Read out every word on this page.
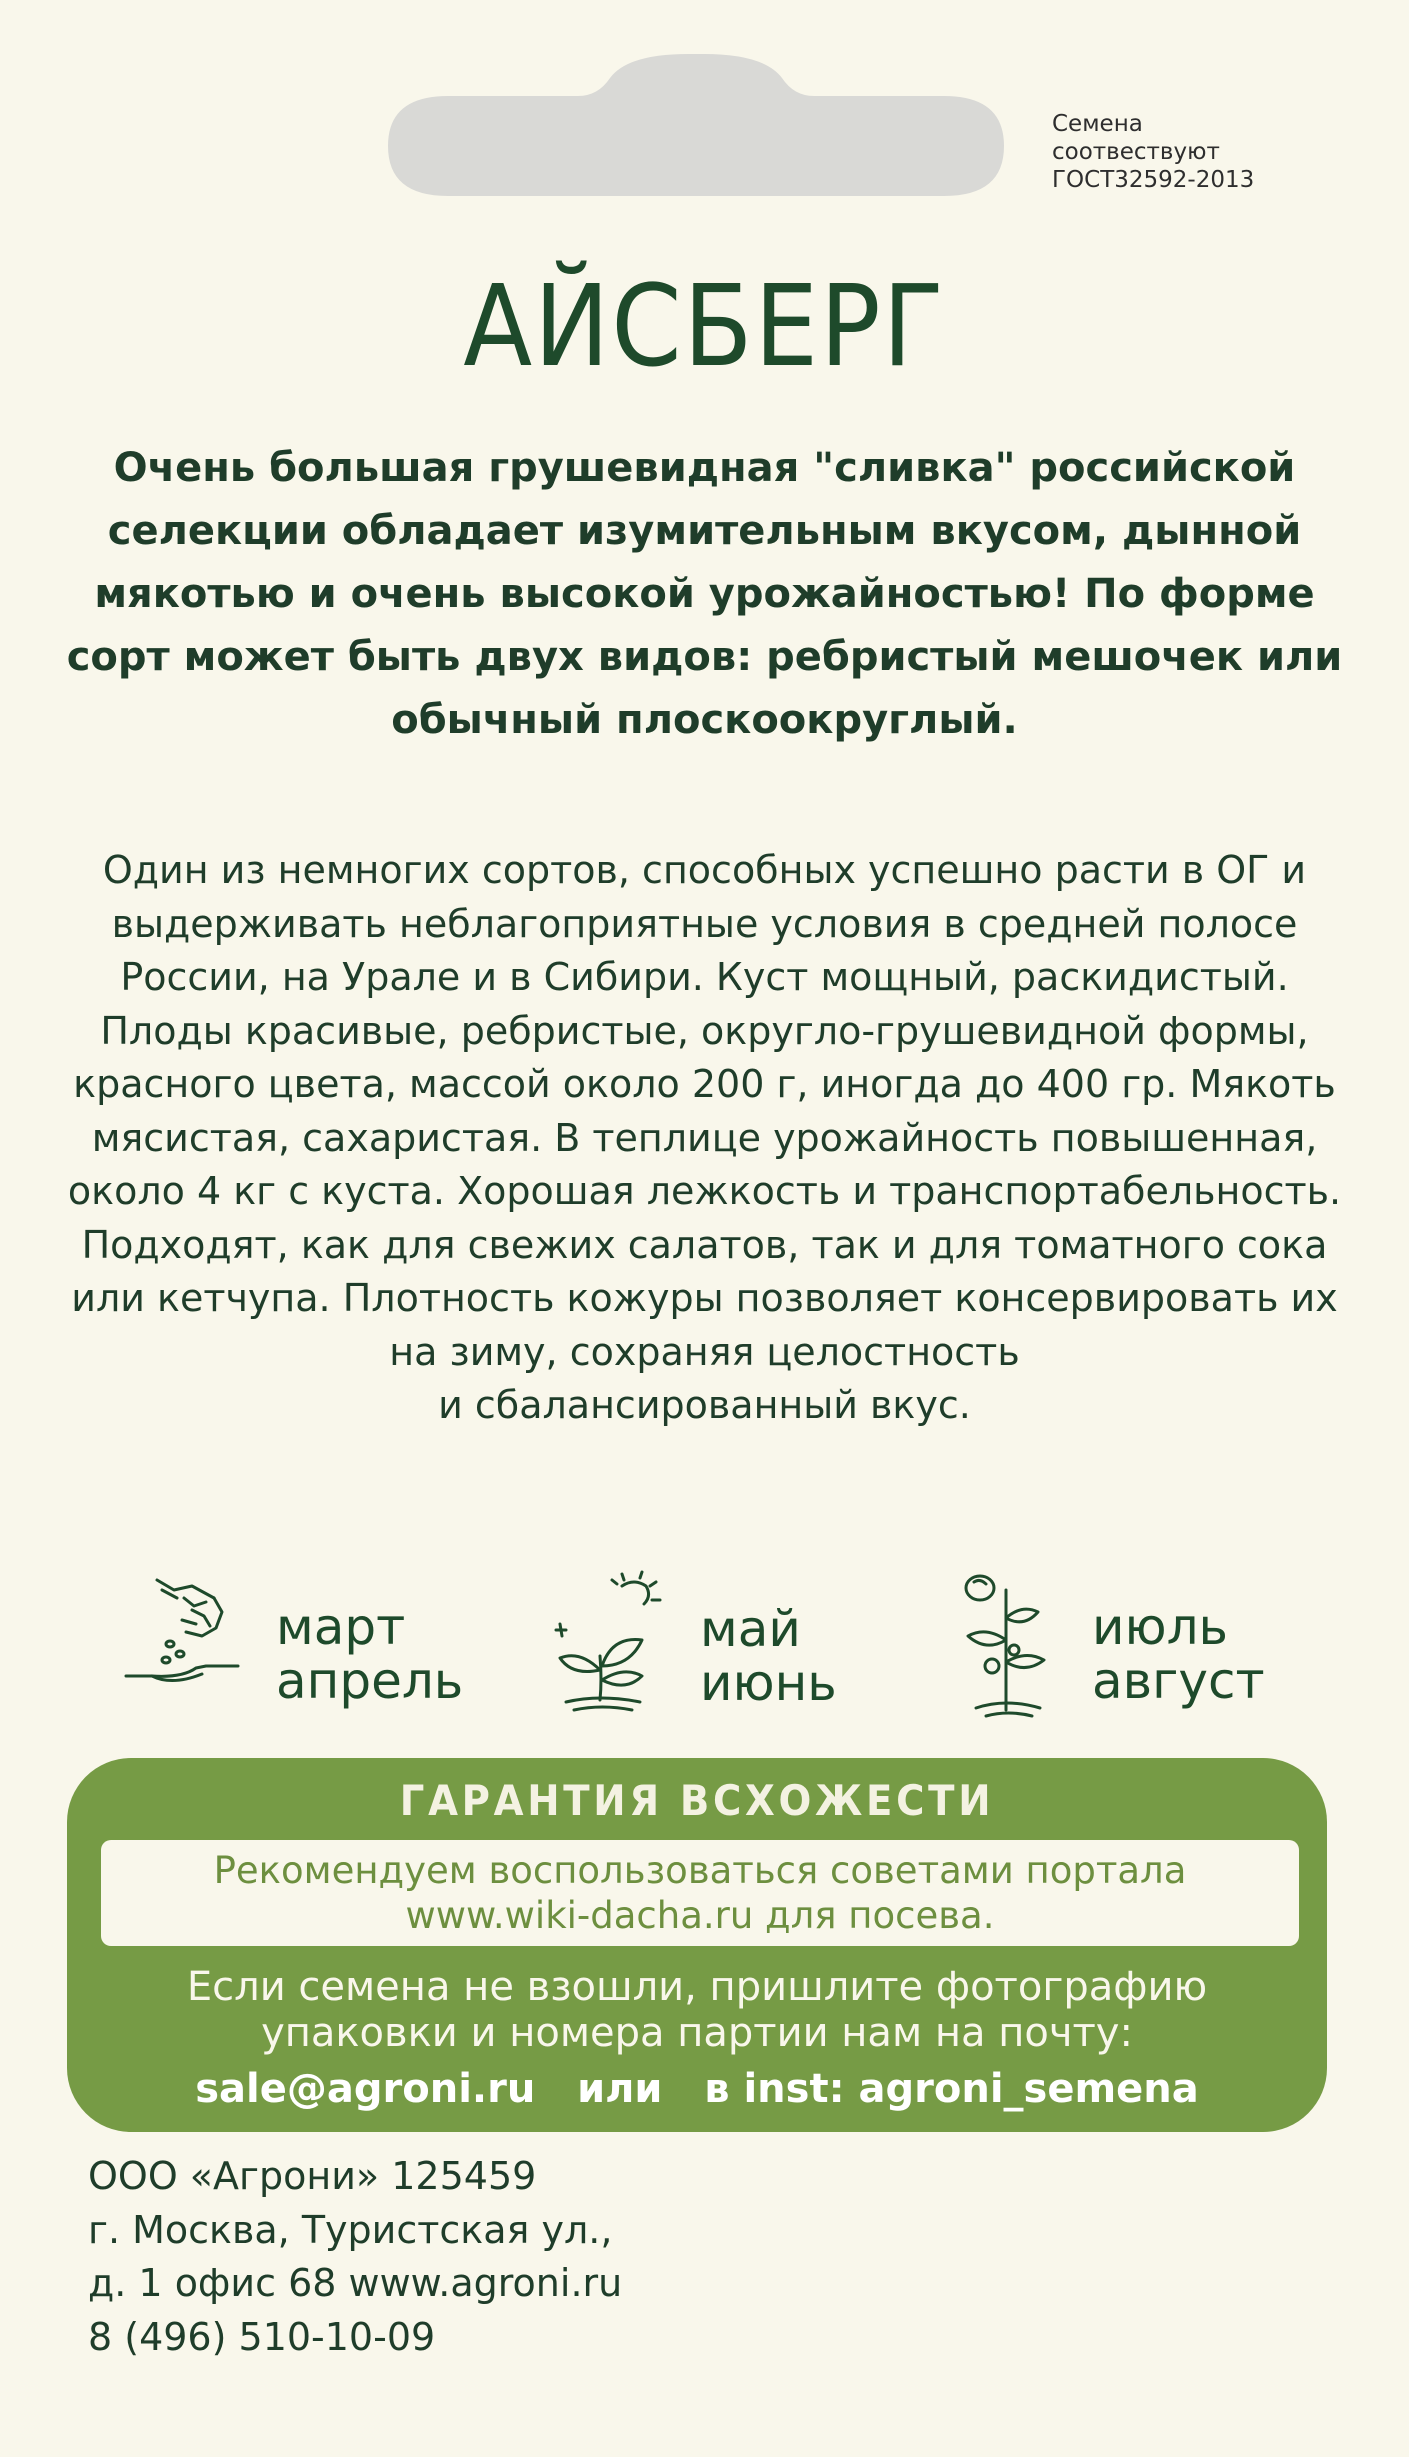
Семена
соотвествуют
ГОСТ32592-2013
АЙСБЕРГ
Очень большая грушевидная "сливка" российской селекции обладает изумительным вкусом, дынной мякотью и очень высокой урожайностью! По форме сорт может быть двух видов: ребристый мешочек или обычный плоскоокруглый.
Один из немногих сортов, способных успешно расти в ОГ и выдерживать неблагоприятные условия в средней полосе России, на Урале и в Сибири. Куст мощный, раскидистый. Плоды красивые, ребристые, округло-грушевидной формы, красного цвета, массой около 200 г, иногда до 400 гр. Мякоть мясистая, сахаристая. В теплице урожайность повышенная, около 4 кг с куста. Хорошая лежкость и транспортабельность. Подходят, как для свежих салатов, так и для томатного сока или кетчупа. Плотность кожуры позволяет консервировать их на зиму, сохраняя целостность
и сбалансированный вкус.
март
апрель
май
июнь
июль
август
ГАРАНТИЯ ВСХОЖЕСТИ
Рекомендуем воспользоваться советами портала
www.wiki-dacha.ru для посева.
Если семена не взошли, пришлите фотографию
упаковки и номера партии нам на почту:
sale@agroni.ru или в inst: agroni_semena
ООО «Агрони» 125459
г. Москва, Туристская ул.,
д. 1 офис 68 www.agroni.ru
8 (496) 510-10-09
